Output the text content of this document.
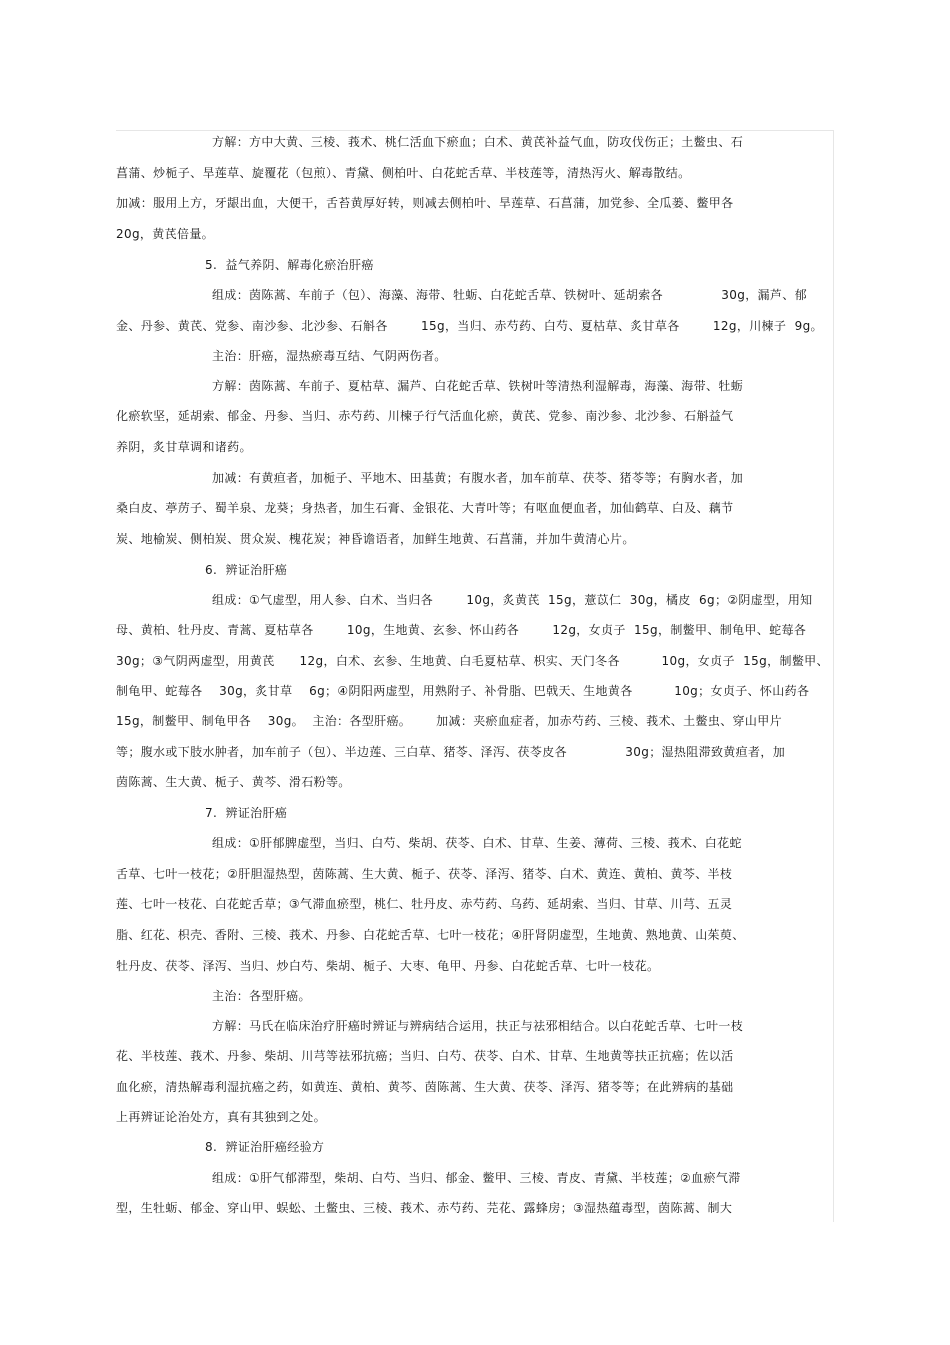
方解：方中大黄、三棱、莪术、桃仁活血下瘀血；白术、黄芪补益气血，防攻伐伤正；土鳖虫、石
菖蒲、炒栀子、旱莲草、旋覆花（包煎）、青黛、侧柏叶、白花蛇舌草、半枝莲等，清热泻火、解毒散结。
加减：服用上方，牙龈出血，大便干，舌苔黄厚好转，则减去侧柏叶、旱莲草、石菖蒲，加党参、全瓜蒌、鳖甲各
20g，黄芪倍量。
5.  益气养阴、解毒化瘀治肝癌
组成：茵陈蒿、车前子（包）、海藻、海带、牡蛎、白花蛇舌草、铁树叶、延胡索各              30g，漏芦、郁
金、丹参、黄芪、党参、南沙参、北沙参、石斛各        15g，当归、赤芍药、白芍、夏枯草、炙甘草各        12g，川楝子  9g。
主治：肝癌，湿热瘀毒互结、气阴两伤者。
方解：茵陈蒿、车前子、夏枯草、漏芦、白花蛇舌草、铁树叶等清热利湿解毒，海藻、海带、牡蛎
化瘀软坚，延胡索、郁金、丹参、当归、赤芍药、川楝子行气活血化瘀，黄芪、党参、南沙参、北沙参、石斛益气
养阴，炙甘草调和诸药。
加减：有黄疸者，加栀子、平地木、田基黄；有腹水者，加车前草、茯苓、猪苓等；有胸水者，加
桑白皮、葶苈子、蜀羊泉、龙葵；身热者，加生石膏、金银花、大青叶等；有呕血便血者，加仙鹤草、白及、藕节
炭、地榆炭、侧柏炭、贯众炭、槐花炭；神昏谵语者，加鲜生地黄、石菖蒲，并加牛黄清心片。
6.  辨证治肝癌
组成：①气虚型，用人参、白术、当归各        10g，炙黄芪  15g，薏苡仁  30g，橘皮  6g；②阴虚型，用知
母、黄柏、牡丹皮、青蒿、夏枯草各        10g，生地黄、玄参、怀山药各        12g，女贞子  15g，制鳖甲、制龟甲、蛇莓各
30g；③气阴两虚型，用黄芪      12g，白术、玄参、生地黄、白毛夏枯草、枳实、天门冬各          10g，女贞子  15g，制鳖甲、
制龟甲、蛇莓各    30g，炙甘草    6g；④阴阳两虚型，用熟附子、补骨脂、巴戟天、生地黄各          10g；女贞子、怀山药各
15g，制鳖甲、制龟甲各    30g。  主治：各型肝癌。      加减：夹瘀血症者，加赤芍药、三棱、莪术、土鳖虫、穿山甲片
等；腹水或下肢水肿者，加车前子（包）、半边莲、三白草、猪苓、泽泻、茯苓皮各              30g；湿热阻滞致黄疸者，加
茵陈蒿、生大黄、栀子、黄芩、滑石粉等。
7.  辨证治肝癌
组成：①肝郁脾虚型，当归、白芍、柴胡、茯苓、白术、甘草、生姜、薄荷、三棱、莪术、白花蛇
舌草、七叶一枝花；②肝胆湿热型，茵陈蒿、生大黄、栀子、茯苓、泽泻、猪苓、白术、黄连、黄柏、黄芩、半枝
莲、七叶一枝花、白花蛇舌草；③气滞血瘀型，桃仁、牡丹皮、赤芍药、乌药、延胡索、当归、甘草、川芎、五灵
脂、红花、枳壳、香附、三棱、莪术、丹参、白花蛇舌草、七叶一枝花；④肝肾阴虚型，生地黄、熟地黄、山茱萸、
牡丹皮、茯苓、泽泻、当归、炒白芍、柴胡、栀子、大枣、龟甲、丹参、白花蛇舌草、七叶一枝花。
主治：各型肝癌。
方解：马氏在临床治疗肝癌时辨证与辨病结合运用，扶正与祛邪相结合。以白花蛇舌草、七叶一枝
花、半枝莲、莪术、丹参、柴胡、川芎等祛邪抗癌；当归、白芍、茯苓、白术、甘草、生地黄等扶正抗癌；佐以活
血化瘀，清热解毒利湿抗癌之药，如黄连、黄柏、黄芩、茵陈蒿、生大黄、茯苓、泽泻、猪苓等；在此辨病的基础
上再辨证论治处方，真有其独到之处。
8.  辨证治肝癌经验方
组成：①肝气郁滞型，柴胡、白芍、当归、郁金、鳖甲、三棱、青皮、青黛、半枝莲；②血瘀气滞
型，生牡蛎、郁金、穿山甲、蜈蚣、土鳖虫、三棱、莪术、赤芍药、芫花、露蜂房；③湿热蕴毒型，茵陈蒿、制大
